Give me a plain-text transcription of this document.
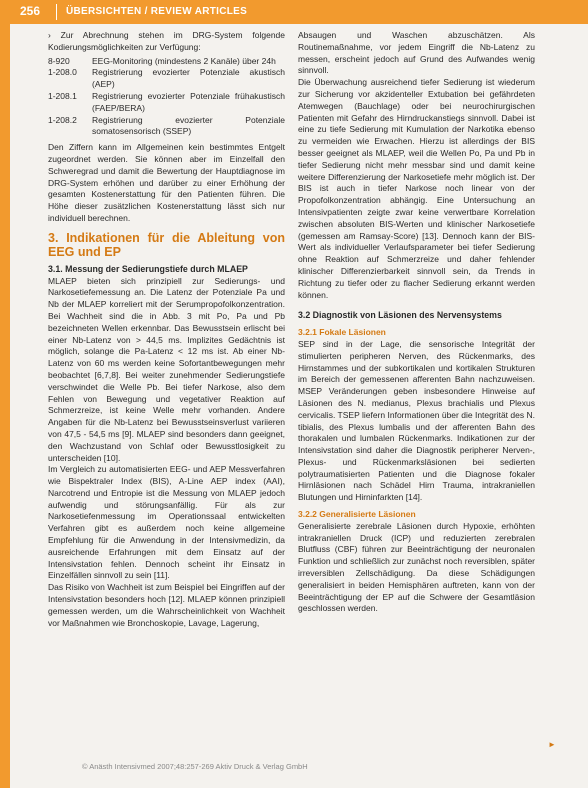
256	ÜBERSICHTEN / REVIEW ARTICLES

› Zur Abrechnung stehen im DRG-System folgende Kodierungsmöglichkeiten zur Verfügung:

8-920	EEG-Monitoring (mindestens 2 Kanäle) über 24h
1-208.0	Registrierung evozierter Potenziale akustisch (AEP)
1-208.1	Registrierung evozierter Potenziale frühakustisch (FAEP/BERA)
1-208.2	Registrierung evozierter Potenziale somatosensorisch (SSEP)

Den Ziffern kann im Allgemeinen kein bestimmtes Entgelt zugeordnet werden. Sie können aber im Einzelfall den Schweregrad und damit die Bewertung der Hauptdiagnose im DRG-System erhöhen und darüber zu einer Erhöhung der gesamten Kostenerstattung für den Patienten führen. Die Höhe dieser zusätzlichen Kostenerstattung lässt sich nur individuell berechnen.

3. Indikationen für die Ableitung von EEG und EP
3.1. Messung der Sedierungstiefe durch MLAEP

MLAEP bieten sich prinzipiell zur Sedierungs- und Narkosetiefemessung an. Die Latenz der Potenziale Pa und Nb der MLAEP korreliert mit der Serumpropofolkonzentration. Bei Wachheit sind die in Abb. 3 mit Po, Pa und Pb bezeichneten Wellen erkennbar. Das Bewusstsein erlischt bei einer Nb-Latenz von > 44,5 ms. Implizites Gedächtnis ist möglich, solange die Pa-Latenz < 12 ms ist. Ab einer Nb-Latenz von 60 ms werden keine Sofortantbewegungen mehr beobachtet [6,7,8]. Bei weiter zunehmender Sedierungstiefe verschwindet die Welle Pb. Bei tiefer Narkose, also dem Fehlen von Bewegung und vegetativer Reaktion auf Schmerzreize, ist keine Welle mehr vorhanden. Andere Angaben für die Nb-Latenz bei Bewusstseinsverlust variieren von 47,5 - 54,5 ms [9]. MLAEP sind besonders dann geeignet, den Wachzustand von Schlaf oder Bewusstlosigkeit zu unterscheiden [10].

Im Vergleich zu automatisierten EEG- und AEP Messverfahren wie Bispektraler Index (BIS), A-Line AEP index (AAI), Narcotrend und Entropie ist die Messung von MLAEP jedoch aufwendig und störungsanfällig. Für als zur Narkosetiefenmessung im Operationssaal entwickelten Verfahren gibt es außerdem noch keine allgemeine Empfehlung für die Anwendung in der Intensivmedizin, da ausreichende Erfahrungen mit dem Einsatz auf der Intensivstation fehlen. Dennoch scheint ihr Einsatz in Einzelfällen sinnvoll zu sein [11].

Das Risiko von Wachheit ist zum Beispiel bei Eingriffen auf der Intensivstation besonders hoch [12]. MLAEP können prinzipiell gemessen werden, um die Wahrscheinlichkeit von Wachheit vor Maßnahmen wie Bronchoskopie, Lavage, Lagerung,

Absaugen und Waschen abzuschätzen. Als Routinemaßnahme, vor jedem Eingriff die Nb-Latenz zu messen, erscheint jedoch auf Grund des Aufwandes wenig sinnvoll.

Die Überwachung ausreichend tiefer Sedierung ist wiederum zur Sicherung vor akzidenteller Extubation bei gefährdeten Atemwegen (Bauchlage) oder bei neurochirurgischen Patienten mit Gefahr des Hirndruckanstiegs sinnvoll. Dabei ist eine zu tiefe Sedierung mit Kumulation der Narkotika ebenso zu vermeiden wie Erwachen. Hierzu ist allerdings der BIS besser geeignet als MLAEP, weil die Wellen Po, Pa und Pb in tiefer Sedierung nicht mehr messbar sind und damit keine weitere Differenzierung der Narkosetiefe mehr möglich ist. Der BIS ist auch in tiefer Narkose noch linear von der Propofolkonzentration abhängig. Eine Untersuchung an Intensivpatienten zeigte zwar keine verwertbare Korrelation zwischen absoluten BIS-Werten und klinischer Narkosetiefe (gemessen am Ramsay-Score) [13]. Dennoch kann der BIS-Wert als individueller Verlaufsparameter bei tiefer Sedierung ohne Reaktion auf Schmerzreize und daher fehlender klinischer Differenzierbarkeit sinnvoll sein, da Trends in Richtung zu tiefer oder zu flacher Sedierung erkannt werden können.

3.2 Diagnostik von Läsionen des Nervensystems
3.2.1 Fokale Läsionen

SEP sind in der Lage, die sensorische Integrität der stimulierten peripheren Nerven, des Rückenmarks, des Hirnstammes und der subkortikalen und kortikalen Strukturen im Bereich der gemessenen afferenten Bahn nachzuweisen. MSEP Veränderungen geben insbesondere Hinweise auf Läsionen des N. medianus, Plexus brachialis und Plexus cervicalis. TSEP liefern Informationen über die Integrität des N. tibialis, des Plexus lumbalis und der afferenten Bahn des thorakalen und lumbalen Rückenmarks. Indikationen zur der Intensivstation sind daher die Diagnostik peripherer Nerven-, Plexus- und Rückenmarksläsionen bei sedierten polytraumatisierten Patienten und die Diagnose fokaler Hirnläsionen nach Schädel Hirn Trauma, intrakraniellen Blutungen und Hirninfarkten [14].

3.2.2 Generalisierte Läsionen

Generalisierte zerebrale Läsionen durch Hypoxie, erhöhten intrakraniellen Druck (ICP) und reduzierten zerebralen Blutfluss (CBF) führen zur Beeinträchtigung der neuronalen Funktion und schließlich zur zunächst noch reversiblen, später irreversiblen Zellschädigung. Da diese Schädigungen generalisiert in beiden Hemisphären auftreten, kann von der Beeinträchtigung der EP auf die Schwere der Gesamtläsion geschlossen werden.

►
© Anästh Intensivmed 2007;48:257-269 Aktiv Druck & Verlag GmbH
